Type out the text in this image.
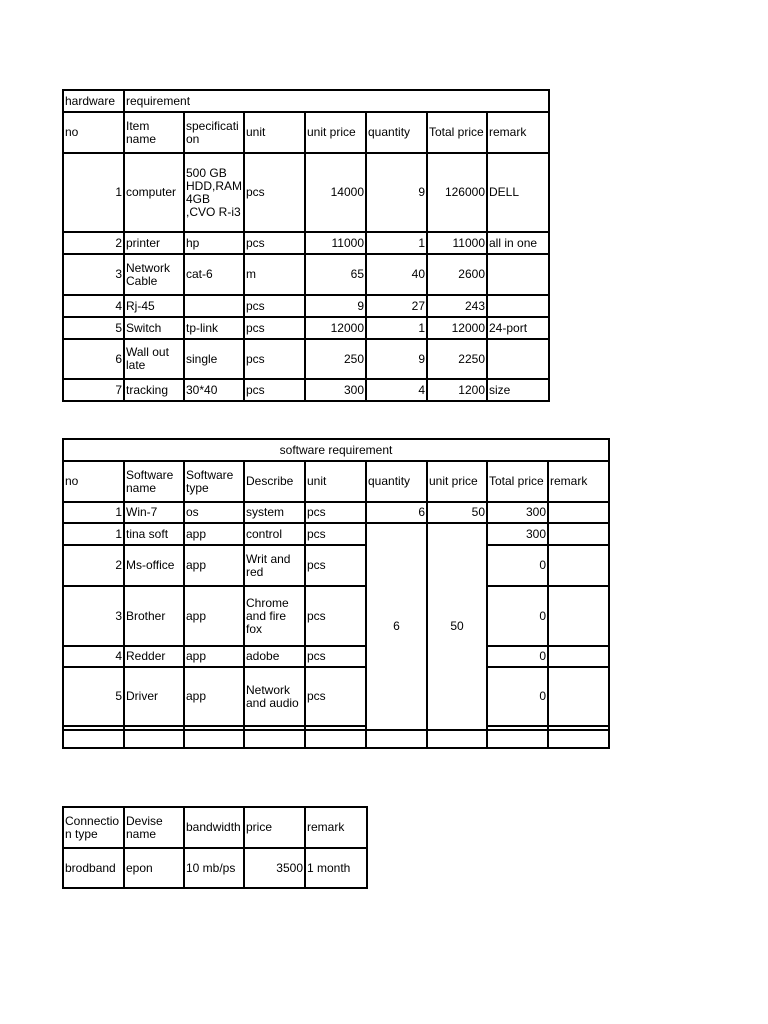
hardware	requirement						
no	Item name	specification	unit	unit price	quantity	Total price	remark
1	computer	500 GB HDD,RAM 4GB ,CVO R-i3	pcs	14000	9	126000	DELL
2	printer	hp	pcs	11000	1	11000	all in one
3	Network Cable	cat-6	m	65	40	2600	
4	Rj-45		pcs	9	27	243	
5	Switch	tp-link	pcs	12000	1	12000	24-port
6	Wall out late	single	pcs	250	9	2250	
7	tracking	30*40	pcs	300	4	1200	size
software requirement								
no	Software name	Software type	Describe	unit	quantity	unit price	Total price	remark
1	Win-7	os	system	pcs	6	50	300	
1	tina soft	app	control	pcs	6	50	300	
2	Ms-office	app	Writ and red	pcs			0	
3	Brother	app	Chrome and fire fox	pcs			0	
4	Redder	app	adobe	pcs			0	
5	Driver	app	Network and audio	pcs			0	

Connection type	Devise name	bandwidth	price	remark
brodband	epon	10 mb/ps	3500	1 month
